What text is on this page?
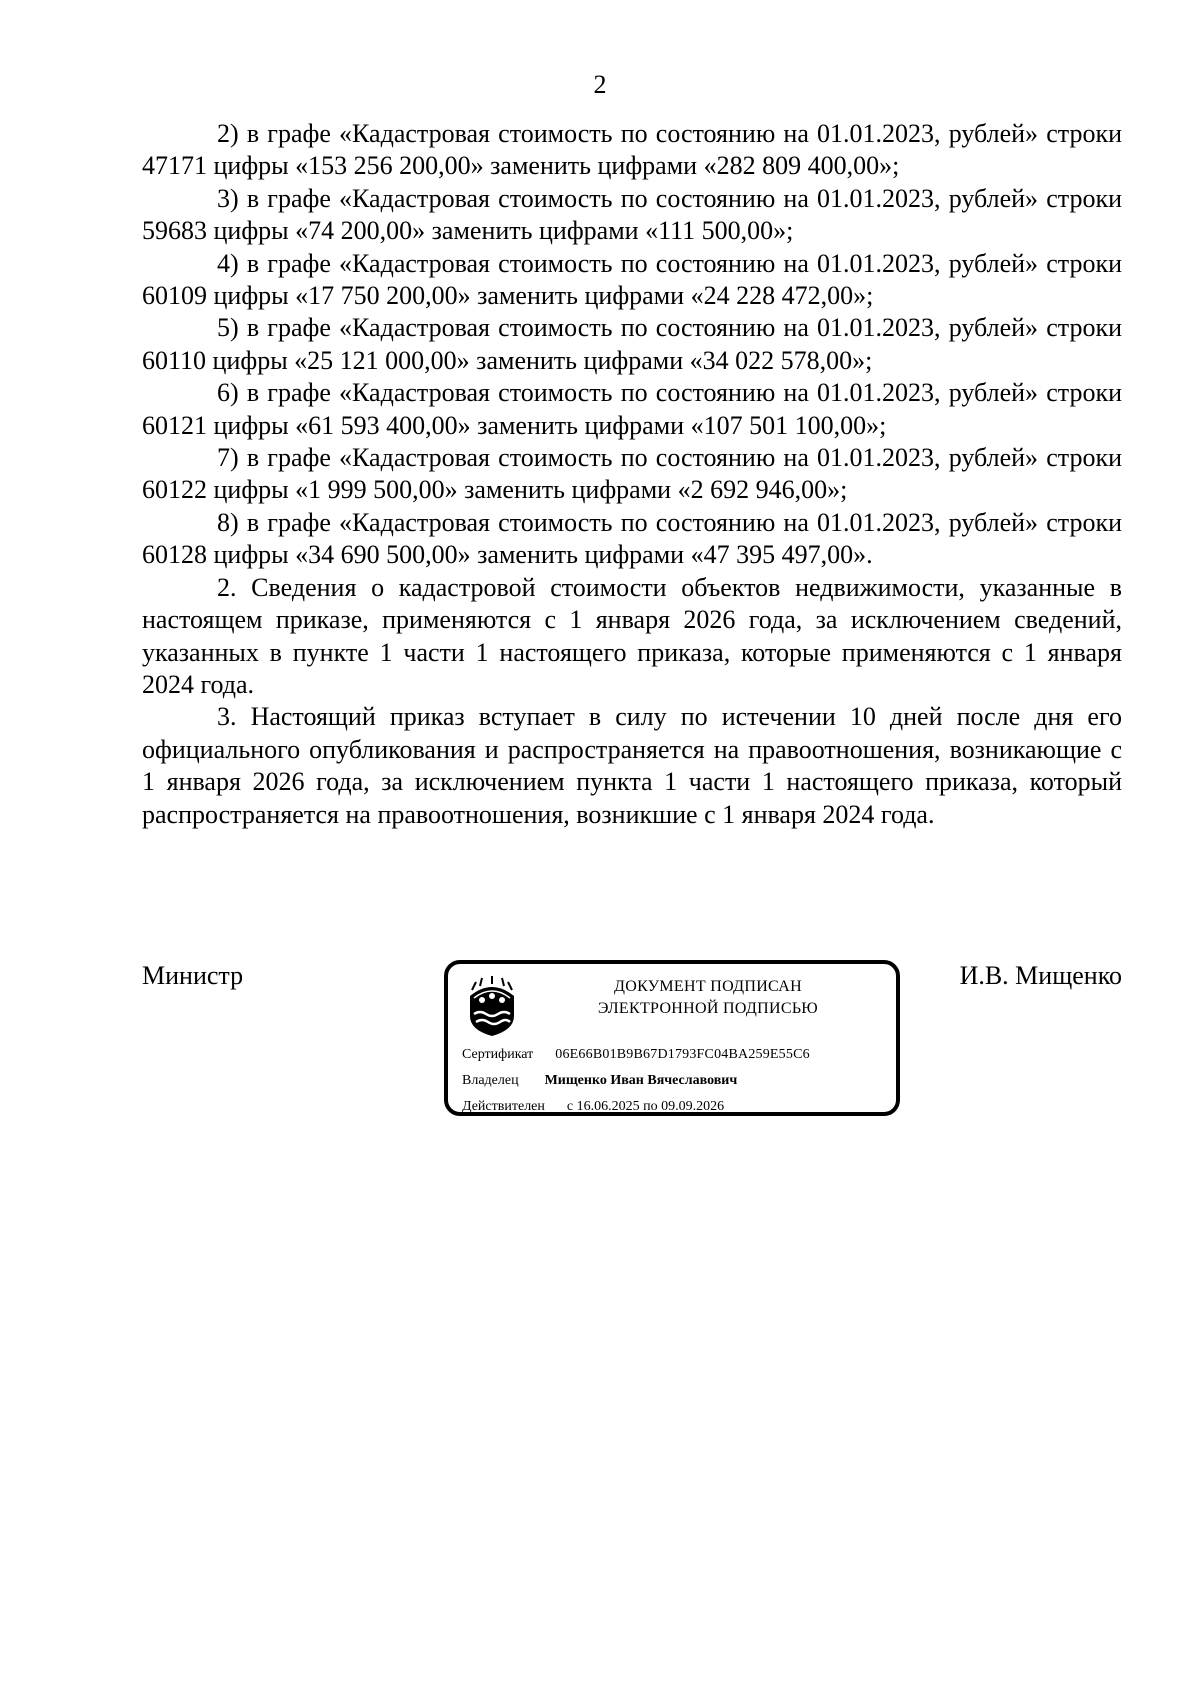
2

2) в графе «Кадастровая стоимость по состоянию на 01.01.2023, рублей» строки 47171 цифры «153 256 200,00» заменить цифрами «282 809 400,00»;

3) в графе «Кадастровая стоимость по состоянию на 01.01.2023, рублей» строки 59683 цифры «74 200,00» заменить цифрами «111 500,00»;

4) в графе «Кадастровая стоимость по состоянию на 01.01.2023, рублей» строки 60109 цифры «17 750 200,00» заменить цифрами «24 228 472,00»;

5) в графе «Кадастровая стоимость по состоянию на 01.01.2023, рублей» строки 60110 цифры «25 121 000,00» заменить цифрами «34 022 578,00»;

6) в графе «Кадастровая стоимость по состоянию на 01.01.2023, рублей» строки 60121 цифры «61 593 400,00» заменить цифрами «107 501 100,00»;

7) в графе «Кадастровая стоимость по состоянию на 01.01.2023, рублей» строки 60122 цифры «1 999 500,00» заменить цифрами «2 692 946,00»;

8) в графе «Кадастровая стоимость по состоянию на 01.01.2023, рублей» строки 60128 цифры «34 690 500,00» заменить цифрами «47 395 497,00».

2. Сведения о кадастровой стоимости объектов недвижимости, указанные в настоящем приказе, применяются с 1 января 2026 года, за исключением сведений, указанных в пункте 1 части 1 настоящего приказа, которые применяются с 1 января 2024 года.

3. Настоящий приказ вступает в силу по истечении 10 дней после дня его официального опубликования и распространяется на правоотношения, возникающие с 1 января 2026 года, за исключением пункта 1 части 1 настоящего приказа, который распространяется на правоотношения, возникшие с 1 января 2024 года.

Министр	ДОКУМЕНТ ПОДПИСАН
ЭЛЕКТРОННОЙ ПОДПИСЬЮ
Сертификат 06E66B01B9B67D1793FC04BA259E55C6
Владелец Мищенко Иван Вячеславович
Действителен с 16.06.2025 по 09.09.2026
И.В. Мищенко
